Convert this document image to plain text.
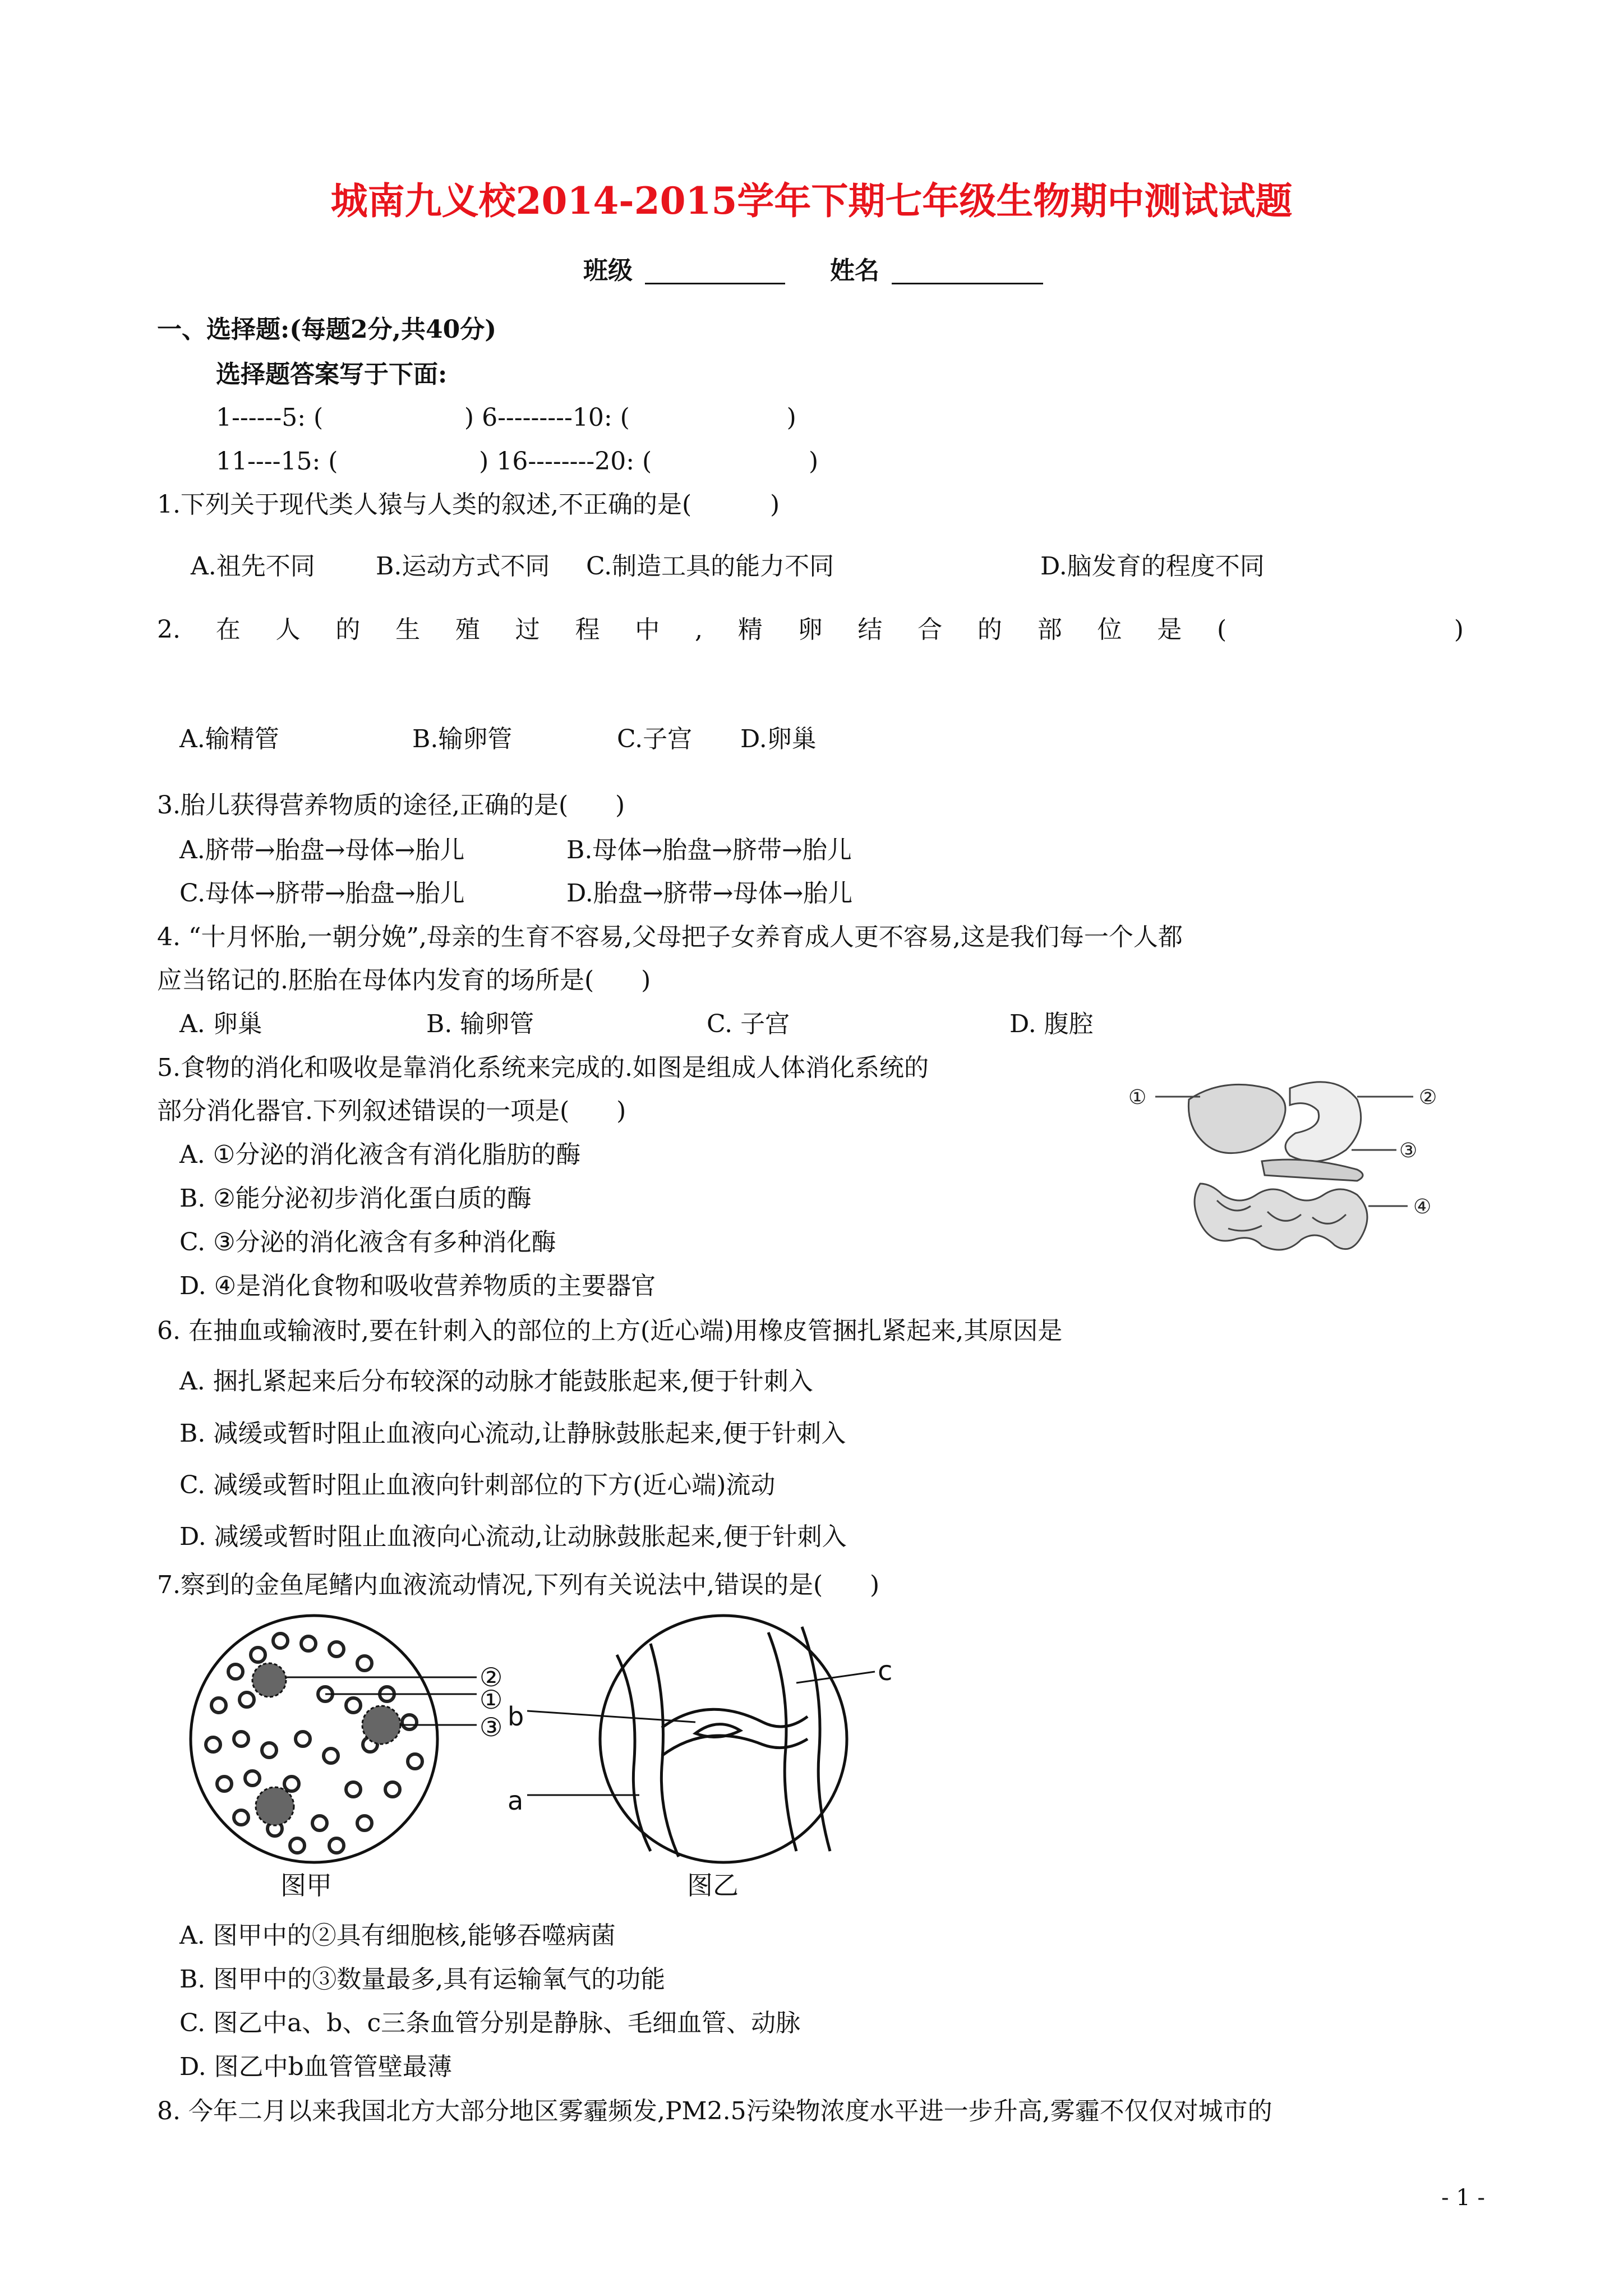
城南九义校2014-2015学年下期七年级生物期中测试试题
班级	姓名
一、选择题:(每题2分,共40分)
选择题答案写于下面:
1------5: (                  ) 6---------10: (                    )
11----15: (                  ) 16--------20: (                    )
1.下列关于现代类人猿与人类的叙述,不正确的是(          )
A.祖先不同 B.运动方式不同 C.制造工具的能力不同	D.脑发育的程度不同
2. 在 人 的 生 殖 过 程 中 , 精 卵 结 合 的 部 位 是 (	)
A.输精管	B.输卵管	C.子宫 D.卵巢
3.胎儿获得营养物质的途径,正确的是(      )
A.脐带→胎盘→母体→胎儿	B.母体→胎盘→脐带→胎儿
C.母体→脐带→胎盘→胎儿	D.胎盘→脐带→母体→胎儿
4. “十月怀胎,一朝分娩”,母亲的生育不容易,父母把子女养育成人更不容易,这是我们每一个人都
应当铭记的.胚胎在母体内发育的场所是(      )
A. 卵巢	B. 输卵管	C. 子宫	D. 腹腔
5.食物的消化和吸收是靠消化系统来完成的.如图是组成人体消化系统的
部分消化器官.下列叙述错误的一项是(      )
A. ①分泌的消化液含有消化脂肪的酶
B. ②能分泌初步消化蛋白质的酶
C. ③分泌的消化液含有多种消化酶
D. ④是消化食物和吸收营养物质的主要器官
①	②
③
④
6. 在抽血或输液时,要在针刺入的部位的上方(近心端)用橡皮管捆扎紧起来,其原因是
A. 捆扎紧起来后分布较深的动脉才能鼓胀起来,便于针刺入
B. 减缓或暂时阻止血液向心流动,让静脉鼓胀起来,便于针刺入
C. 减缓或暂时阻止血液向针刺部位的下方(近心端)流动
D. 减缓或暂时阻止血液向心流动,让动脉鼓胀起来,便于针刺入
7.察到的金鱼尾鳍内血液流动情况,下列有关说法中,错误的是(      )
②
①
③
图甲
c
b
a
图乙
A. 图甲中的②具有细胞核,能够吞噬病菌
B. 图甲中的③数量最多,具有运输氧气的功能
C. 图乙中a、b、c三条血管分别是静脉、毛细血管、动脉
D. 图乙中b血管管壁最薄
8. 今年二月以来我国北方大部分地区雾霾频发,PM2.5污染物浓度水平进一步升高,雾霾不仅仅对城市的
- 1 -
